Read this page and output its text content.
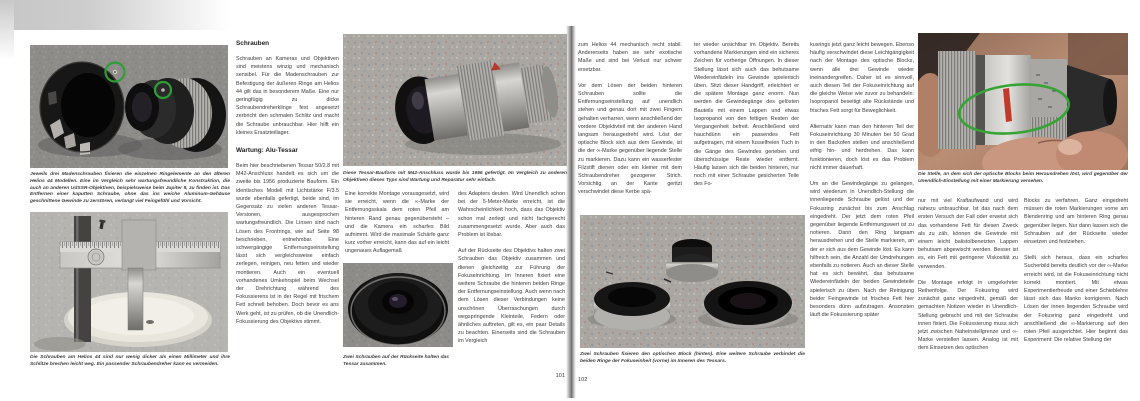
Jeweils drei Madenschrauben fixieren die einzelnen Ringelemente an den älteren Helios 44 Modellen. Eine im Vergleich sehr wartungsfreundliche Konstruktion, die auch an anderen UdSSR-Objektiven, beispielsweise beim Jupiter 9, zu finden ist. Das Entfernen einer kaputten Schraube, ohne das ins weiche Aluminum-Gehäuse geschnittene Gewinde zu zerstören, verlangt viel Feingefühl und Vorsicht.

Die Schrauben am Helios 44 sind nur wenig dicker als einen Millimeter und ihre Schlitze brechen leicht weg. Ein passender Schraubendreher kann es vermeiden.

Schrauben

Schrauben an Kameras und Objektiven sind meistens winzig und mechanisch sensibel. Für die Madenschrauben zur Befestigung der äußeren Ringe am Helios 44 gilt das in besonderem Maße. Eine nur geringfügig zu dicke Schraubendreherklinge fest angesetzt zerbricht den schmalen Schlitz und macht die Schraube unbrauchbar. Hier hilft ein kleines Ersatzteillager.

Wartung: Alu-Tessar

Beim hier beschriebenen Tessar 50/2.8 mit M42-Anschluss handelt es sich um die zweite bis 1956 produzierte Bauform. Ein identisches Modell mit Lichtstärke F/3.5 wurde ebenfalls gefertigt, beide sind, im Gegensatz zu vielen anderen Tessar-Versionen, ausgesprochen wartungsfreundlich. Die Linsen sind nach Lösen des Frontrings, wie auf Seite 98 beschrieben, entnehmbar. Eine schwergängige Entfernungseinstellung lässt sich vergleichsweise einfach zerlegen, reinigen, neu fetten und wieder montieren. Auch ein eventuell vorhandenes Umkehrspiel beim Wechsel der Drehrichtung während des Fokussierens ist in der Regel mit frischem Fett schnell behoben. Doch bevor es ans Werk geht, ist zu prüfen, ob die Unendlich-Fokussierung des Objektivs stimmt.

Diese Tessar-Bauform mit M42-Anschluss wurde bis 1956 gefertigt. Im Vergleich zu anderen Objektiven dieses Typs sind Wartung und Reparatur sehr einfach.

Eine korrekte Montage vorausgesetzt, wird sie erreicht, wenn die ∞-Marke der Entfernungsskala dem roten Pfeil am hinteren Rand genau gegenübersteht – und die Kamera ein scharfes Bild aufnimmt. Wird die maximale Schärfe ganz kurz vorher erreicht, kann das auf ein leicht ungenaues Auflagemaß

Zwei Schrauben auf der Rückseite halten das Tessar zusammen.

des Adapters deuten. Wird Unendlich schon bei der 5-Meter-Marke erreicht, ist die Wahrscheinlichkeit hoch, dass das Objektiv schon mal zerlegt und nicht fachgerecht zusammengesetzt wurde. Aber auch das Problem ist lösbar.

Auf der Rückseite des Objektivs halten zwei Schrauben das Objektiv zusammen und dienen gleichzeitig zur Führung der Fokuseinrichtung. Im Inneren fixiert eine weitere Schraube die hinteren beiden Ringe der Entfernungseinstellung. Auch wenn nach dem Lösen dieser Verbindungen keine unschönen Überraschungen durch wegspringende Kleinteile, Federn oder ähnliches auftreten, gilt es, ein paar Details zu beachten. Einerseits sind die Schrauben im Vergleich

101

zum Helios 44 mechanisch recht stabil. Andererseits haben sie sehr exotische Maße und sind bei Verlust nur schwer ersetzbar.

Vor dem Lösen der beiden hinteren Schrauben sollte die Entfernungseinstellung auf unendlich stehen und genau dort mit zwei Fingern gehalten verharren, wenn anschließend der vordere Objektivteil mit der anderen Hand langsam herausgedreht wird. Löst der optische Block sich aus dem Gewinde, ist die der ∞-Marke gegenüber liegende Stelle zu markieren. Dazu kann ein wasserfester Filzstift dienen oder ein kleiner mit dem Schraubendreher gezogener Strich. Vorsichtig an der Kante geritzt verschwindet diese Kerbe spä-

ter wieder unsichtbar im Objektiv. Bereits vorhandene Markierungen sind ein sicheres Zeichen für vorherige Öffnungen. In dieser Stellung lässt sich auch das behutsame Wiedereinfädeln ins Gewinde spielerisch üben. Sitzt dieser Handgriff, erleichtert er die spätere Montage ganz enorm. Nun werden die Gewindegänge des gelösten Bauteils mit einem Lappen und etwas Isopropanol von den fettigen Resten der Vergangenheit befreit. Anschließend wird hauchdünn ein passendes Fett aufgetragen, mit einem fusselfreien Tuch in die Gänge des Gewindes gerieben und überschüssige Reste wieder entfernt. Häufig lassen sich die beiden hinteren, nur noch mit einer Schraube gesicherten Teile des Fo-

Zwei Schrauben fixieren den optischen Block (hinten). Eine weitere Schraube verbindet die beiden Ringe der Fokuseinheit (vorne) im Inneren des Tessars.

102

kusrings jetzt ganz leicht bewegen. Ebenso häufig verschwindet diese Leichtgängigkeit nach der Montage des optische Blocks, wenn alle drei Gewinde wieder ineinandergreifen. Daher ist es sinnvoll, auch diesen Teil der Fokuseinrichtung auf die gleiche Weise wie zuvor zu behandeln: Isopropanol beseitigt alte Rückstände und frisches Fett sorgt für Beweglichkeit.

Alternativ kann man den hinteren Teil der Fokuseinrichtung 30 Minuten bei 50 Grad in den Backofen stellen und anschließend eifrig hin- und herdrehen. Das kann funktionieren, doch löst es das Problem nicht immer dauerhaft.

Um an die Gewindegänge zu gelangen, wird wiederum in Unendlich-Stellung die innenliegende Schraube gelöst und der Fokusring zunächst bis zum Anschlag eingedreht. Der jetzt dem roten Pfeil gegenüber liegende Entfernungswert ist zu notieren. Dann den Ring langsam herausdrehen und die Stelle markieren, an der er sich aus dem Gewinde löst. Es kann hilfreich sein, die Anzahl der Umdrehungen ebenfalls zu notieren. Auch an dieser Stelle hat es sich bewährt, das behutsame Wiedereinfädeln der beiden Gewindeteile spielerisch zu üben. Nach der Reinigung beider Feingewinde ist frisches Fett hier besonders dünn aufzutragen. Ansonsten läuft die Fokussierung später

Die Stelle, an dem sich der optische Blocks beim Herausdrehen löst, wird gegenüber der Unendlich-Einstellung mit einer Markierung versehen.

nur mit viel Kraftaufwand und wird nahezu unbrauchbar. Ist das nach dem ersten Versuch der Fall oder erweist sich das vorhandene Fett für diesen Zweck als zu zäh, können die Gewinde mit einem leicht balistolbenetzten Lappen behutsam abgewischt werden. Besser ist es, ein Fett mit geringerer Viskosität zu verwenden.

Die Montage erfolgt in umgekehrter Reihenfolge. Der Fokusring wird zunächst ganz eingedreht, gemäß der gemachten Notizen wieder in Unendlich-Stellung gebracht und mit der Schraube innen fixiert. Die Fokussierung muss sich jetzt zwischen Naheinstellgrenze und ∞-Marke verstellen lassen. Analog ist mit dem Einsetzen des optischen

Blocks zu verfahren. Ganz eingedreht müssen die roten Markierungen vorne am Blendenring und am hinteren Ring genau gegenüber liegen. Nur dann lassen sich die Schrauben auf der Rückseite wieder einsetzen und festziehen.

Stellt sich heraus, dass ein scharfes Sucherbild bereits deutlich vor der ∞-Marke erreicht wird, ist die Fokuseinrichtung nicht korrekt montiert. Mit etwas Experimentierfreude und einer Schieblehre lässt sich das Manko korrigieren. Nach Lösen der innen liegenden Schraube wird der Fokusring ganz eingedreht und anschließend die ∞-Markierung auf den roten Pfeil ausgerichtet. Hier beginnt das Experiment: Die relative Stellung der
